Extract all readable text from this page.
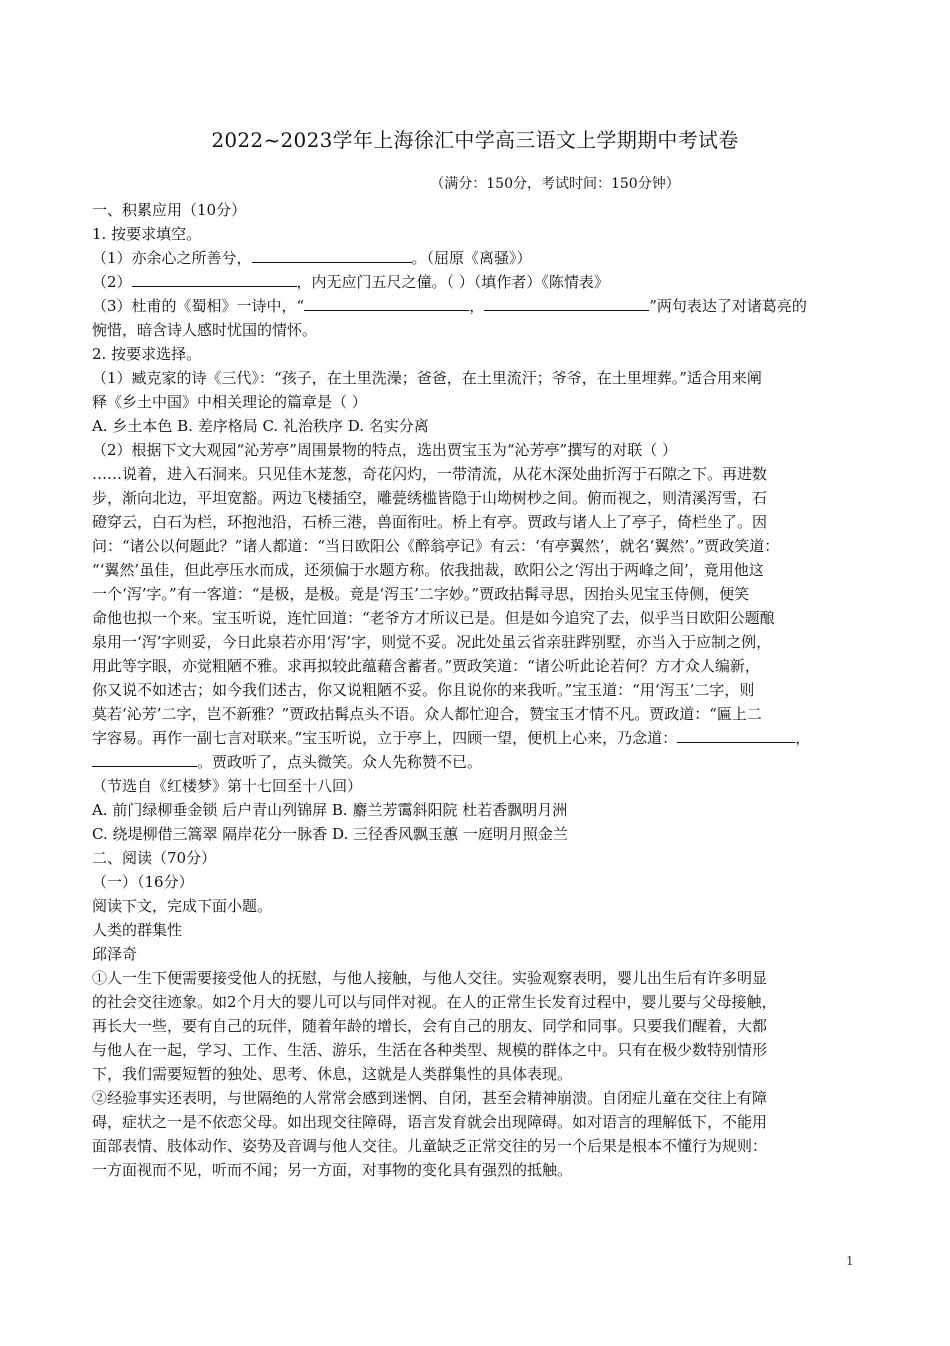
2022~2023学年上海徐汇中学高三语文上学期期中考试卷
（满分：150分，考试时间：150分钟）
一、积累应用（10分）
1. 按要求填空。
（1）亦余心之所善兮，	。（屈原《离骚》）
（2）	，内无应门五尺之僮。（ ）（填作者）《陈情表》
（3）杜甫的《蜀相》一诗中，“	，	”两句表达了对诸葛亮的
惋惜，暗含诗人感时忧国的情怀。
2. 按要求选择。
（1）臧克家的诗《三代》：“孩子，在土里洗澡；爸爸，在土里流汗；爷爷，在土里埋葬。”适合用来阐
释《乡土中国》中相关理论的篇章是（ ）
A. 乡土本色 B. 差序格局 C. 礼治秩序 D. 名实分离
（2）根据下文大观园“沁芳亭”周围景物的特点，选出贾宝玉为“沁芳亭”撰写的对联（ ）
……说着，进入石洞来。只见佳木茏葱，奇花闪灼，一带清流，从花木深处曲折泻于石隙之下。再进数
步，渐向北边，平坦宽豁。两边飞楼插空，雕甍绣槛皆隐于山坳树杪之间。俯而视之，则清溪泻雪，石
磴穿云，白石为栏，环抱池沿，石桥三港，兽面衔吐。桥上有亭。贾政与诸人上了亭子，倚栏坐了。因
问：“诸公以何题此？”诸人都道：“当日欧阳公《醉翁亭记》有云：‘有亭翼然’，就名‘翼然’。”贾政笑道：
“‘翼然’虽佳，但此亭压水而成，还须偏于水题方称。依我拙裁，欧阳公之‘泻出于两峰之间’，竟用他这
一个‘泻’字。”有一客道：“是极，是极。竟是‘泻玉’二字妙。”贾政拈髯寻思，因抬头见宝玉侍侧，便笑
命他也拟一个来。宝玉听说，连忙回道：“老爷方才所议已是。但是如今追究了去，似乎当日欧阳公题酿
泉用一‘泻’字则妥，今日此泉若亦用‘泻’字，则觉不妥。况此处虽云省亲驻跸别墅，亦当入于应制之例，
用此等字眼，亦觉粗陋不雅。求再拟较此蕴藉含蓄者。”贾政笑道：“诸公听此论若何？方才众人编新，
你又说不如述古；如今我们述古，你又说粗陋不妥。你且说你的来我听。”宝玉道：“用‘泻玉’二字，则
莫若‘沁芳’二字，岂不新雅？”贾政拈髯点头不语。众人都忙迎合，赞宝玉才情不凡。贾政道：“匾上二
字容易。再作一副七言对联来。”宝玉听说，立于亭上，四顾一望，便机上心来，乃念道：	，
。贾政听了，点头微笑。众人先称赞不已。
（节选自《红楼梦》第十七回至十八回）
A. 前门绿柳垂金锁 后户青山列锦屏 B. 麝兰芳霭斜阳院 杜若香飘明月洲
C. 绕堤柳借三篙翠 隔岸花分一脉香 D. 三径香风飘玉蕙 一庭明月照金兰
二、阅读（70分）
（一）（16分）
阅读下文，完成下面小题。
人类的群集性
邱泽奇
①人一生下便需要接受他人的抚慰，与他人接触，与他人交往。实验观察表明，婴儿出生后有许多明显
的社会交往迹象。如2个月大的婴儿可以与同伴对视。在人的正常生长发育过程中，婴儿要与父母接触，
再长大一些，要有自己的玩伴，随着年龄的增长，会有自己的朋友、同学和同事。只要我们醒着，大都
与他人在一起，学习、工作、生活、游乐，生活在各种类型、规模的群体之中。只有在极少数特别情形
下，我们需要短暂的独处、思考、休息，这就是人类群集性的具体表现。
②经验事实还表明，与世隔绝的人常常会感到迷惘、自闭，甚至会精神崩溃。自闭症儿童在交往上有障
碍，症状之一是不依恋父母。如出现交往障碍，语言发育就会出现障碍。如对语言的理解低下，不能用
面部表情、肢体动作、姿势及音调与他人交往。儿童缺乏正常交往的另一个后果是根本不懂行为规则：
一方面视而不见，听而不闻；另一方面，对事物的变化具有强烈的抵触。
1
